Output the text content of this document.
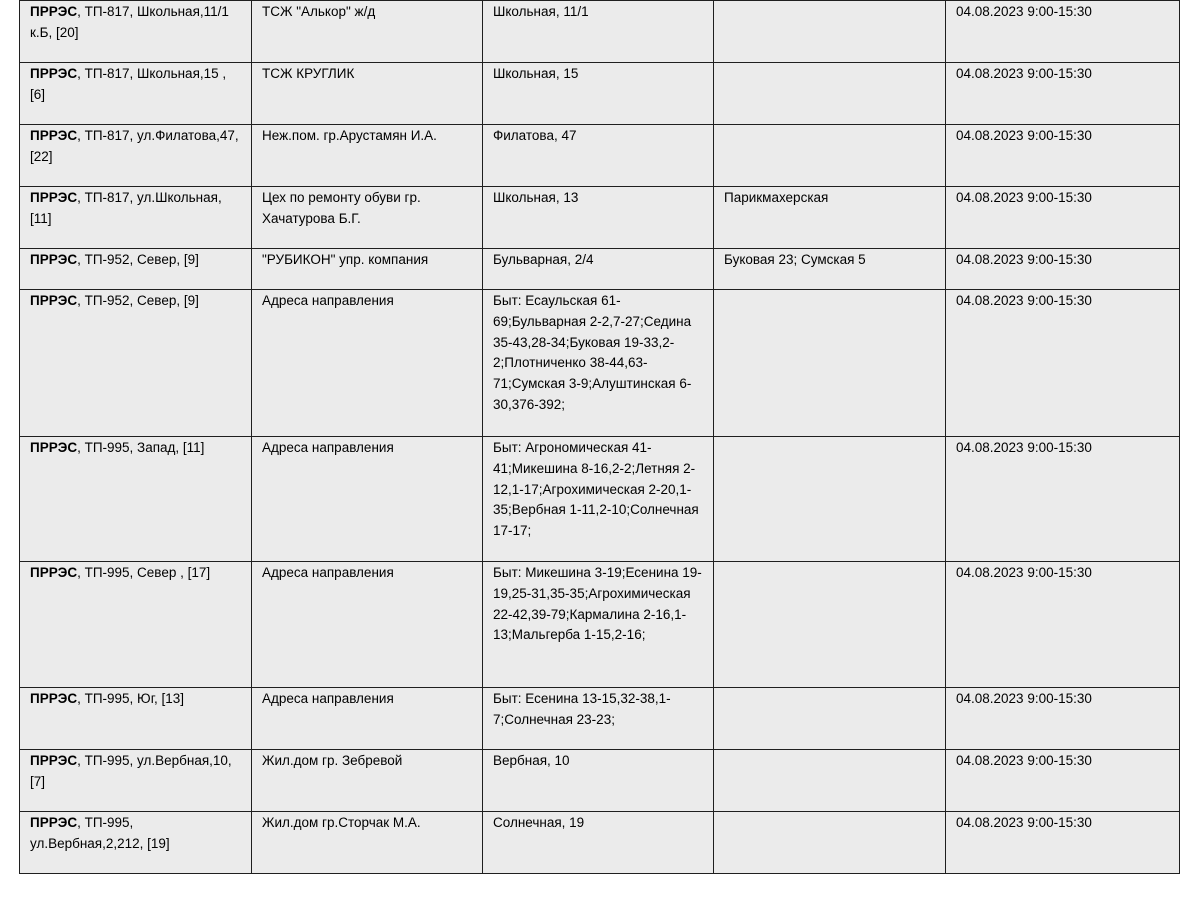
ПРРЭС, ТП-817, Школьная,11/1 к.Б, [20]	ТСЖ "Алькор" ж/д	Школьная, 11/1		04.08.2023 9:00-15:30
ПРРЭС, ТП-817, Школьная,15 , [6]	ТСЖ КРУГЛИК	Школьная, 15		04.08.2023 9:00-15:30
ПРРЭС, ТП-817, ул.Филатова,47, [22]	Неж.пом. гр.Арустамян И.А.	Филатова, 47		04.08.2023 9:00-15:30
ПРРЭС, ТП-817, ул.Школьная, [11]	Цех по ремонту обуви гр. Хачатурова Б.Г.	Школьная, 13	Парикмахерская	04.08.2023 9:00-15:30
ПРРЭС, ТП-952, Север, [9]	"РУБИКОН" упр. компания	Бульварная, 2/4	Буковая 23; Сумская 5	04.08.2023 9:00-15:30
ПРРЭС, ТП-952, Север, [9]	Адреса направления	Быт: Есаульская 61-69;Бульварная 2-2,7-27;Седина 35-43,28-34;Буковая 19-33,2-2;Плотниченко 38-44,63-71;Сумская 3-9;Алуштинская 6-30,376-392;		04.08.2023 9:00-15:30
ПРРЭС, ТП-995, Запад, [11]	Адреса направления	Быт: Агрономическая 41-41;Микешина 8-16,2-2;Летняя 2-12,1-17;Агрохимическая 2-20,1-35;Вербная 1-11,2-10;Солнечная 17-17;		04.08.2023 9:00-15:30
ПРРЭС, ТП-995, Север , [17]	Адреса направления	Быт: Микешина 3-19;Есенина 19-19,25-31,35-35;Агрохимическая 22-42,39-79;Кармалина 2-16,1-13;Мальгерба 1-15,2-16;		04.08.2023 9:00-15:30
ПРРЭС, ТП-995, Юг, [13]	Адреса направления	Быт: Есенина 13-15,32-38,1-7;Солнечная 23-23;		04.08.2023 9:00-15:30
ПРРЭС, ТП-995, ул.Вербная,10, [7]	Жил.дом гр. Зебревой	Вербная, 10		04.08.2023 9:00-15:30
ПРРЭС, ТП-995, ул.Вербная,2,212, [19]	Жил.дом гр.Сторчак М.А.	Солнечная, 19		04.08.2023 9:00-15:30
